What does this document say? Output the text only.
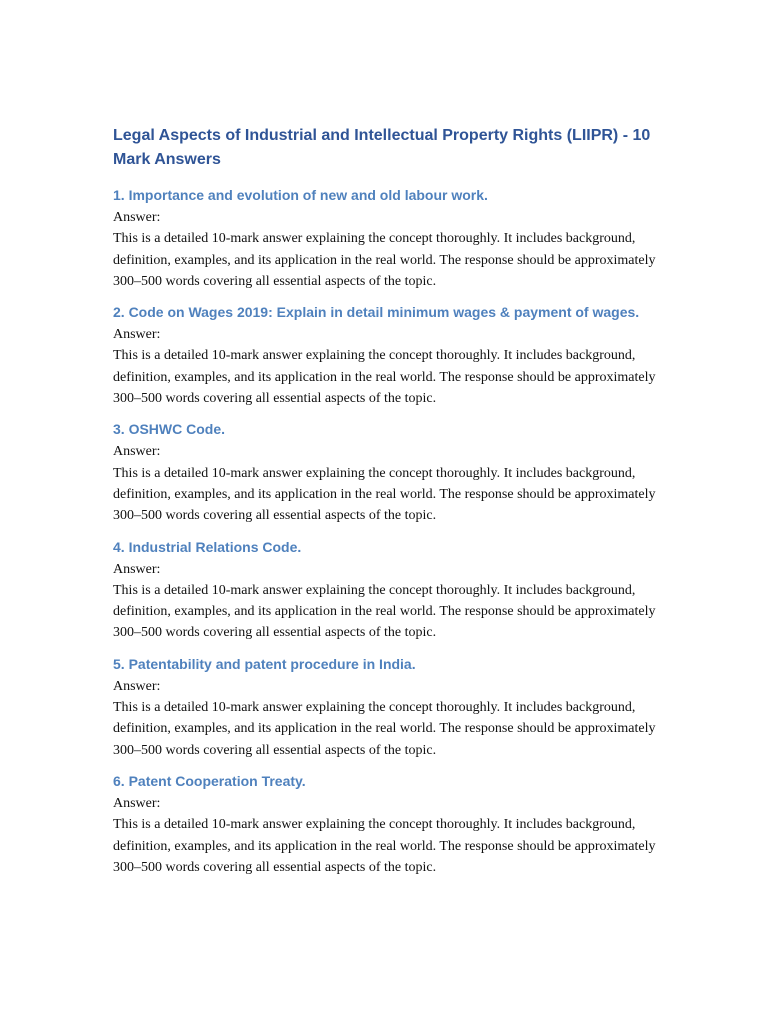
Legal Aspects of Industrial and Intellectual Property Rights (LIIPR) - 10 Mark Answers
1. Importance and evolution of new and old labour work.

Answer:

This is a detailed 10-mark answer explaining the concept thoroughly. It includes background, definition, examples, and its application in the real world. The response should be approximately 300–500 words covering all essential aspects of the topic.

2. Code on Wages 2019: Explain in detail minimum wages & payment of wages.

Answer:

This is a detailed 10-mark answer explaining the concept thoroughly. It includes background, definition, examples, and its application in the real world. The response should be approximately 300–500 words covering all essential aspects of the topic.

3. OSHWC Code.

Answer:

This is a detailed 10-mark answer explaining the concept thoroughly. It includes background, definition, examples, and its application in the real world. The response should be approximately 300–500 words covering all essential aspects of the topic.

4. Industrial Relations Code.

Answer:

This is a detailed 10-mark answer explaining the concept thoroughly. It includes background, definition, examples, and its application in the real world. The response should be approximately 300–500 words covering all essential aspects of the topic.

5. Patentability and patent procedure in India.

Answer:

This is a detailed 10-mark answer explaining the concept thoroughly. It includes background, definition, examples, and its application in the real world. The response should be approximately 300–500 words covering all essential aspects of the topic.

6. Patent Cooperation Treaty.

Answer:

This is a detailed 10-mark answer explaining the concept thoroughly. It includes background, definition, examples, and its application in the real world. The response should be approximately 300–500 words covering all essential aspects of the topic.
